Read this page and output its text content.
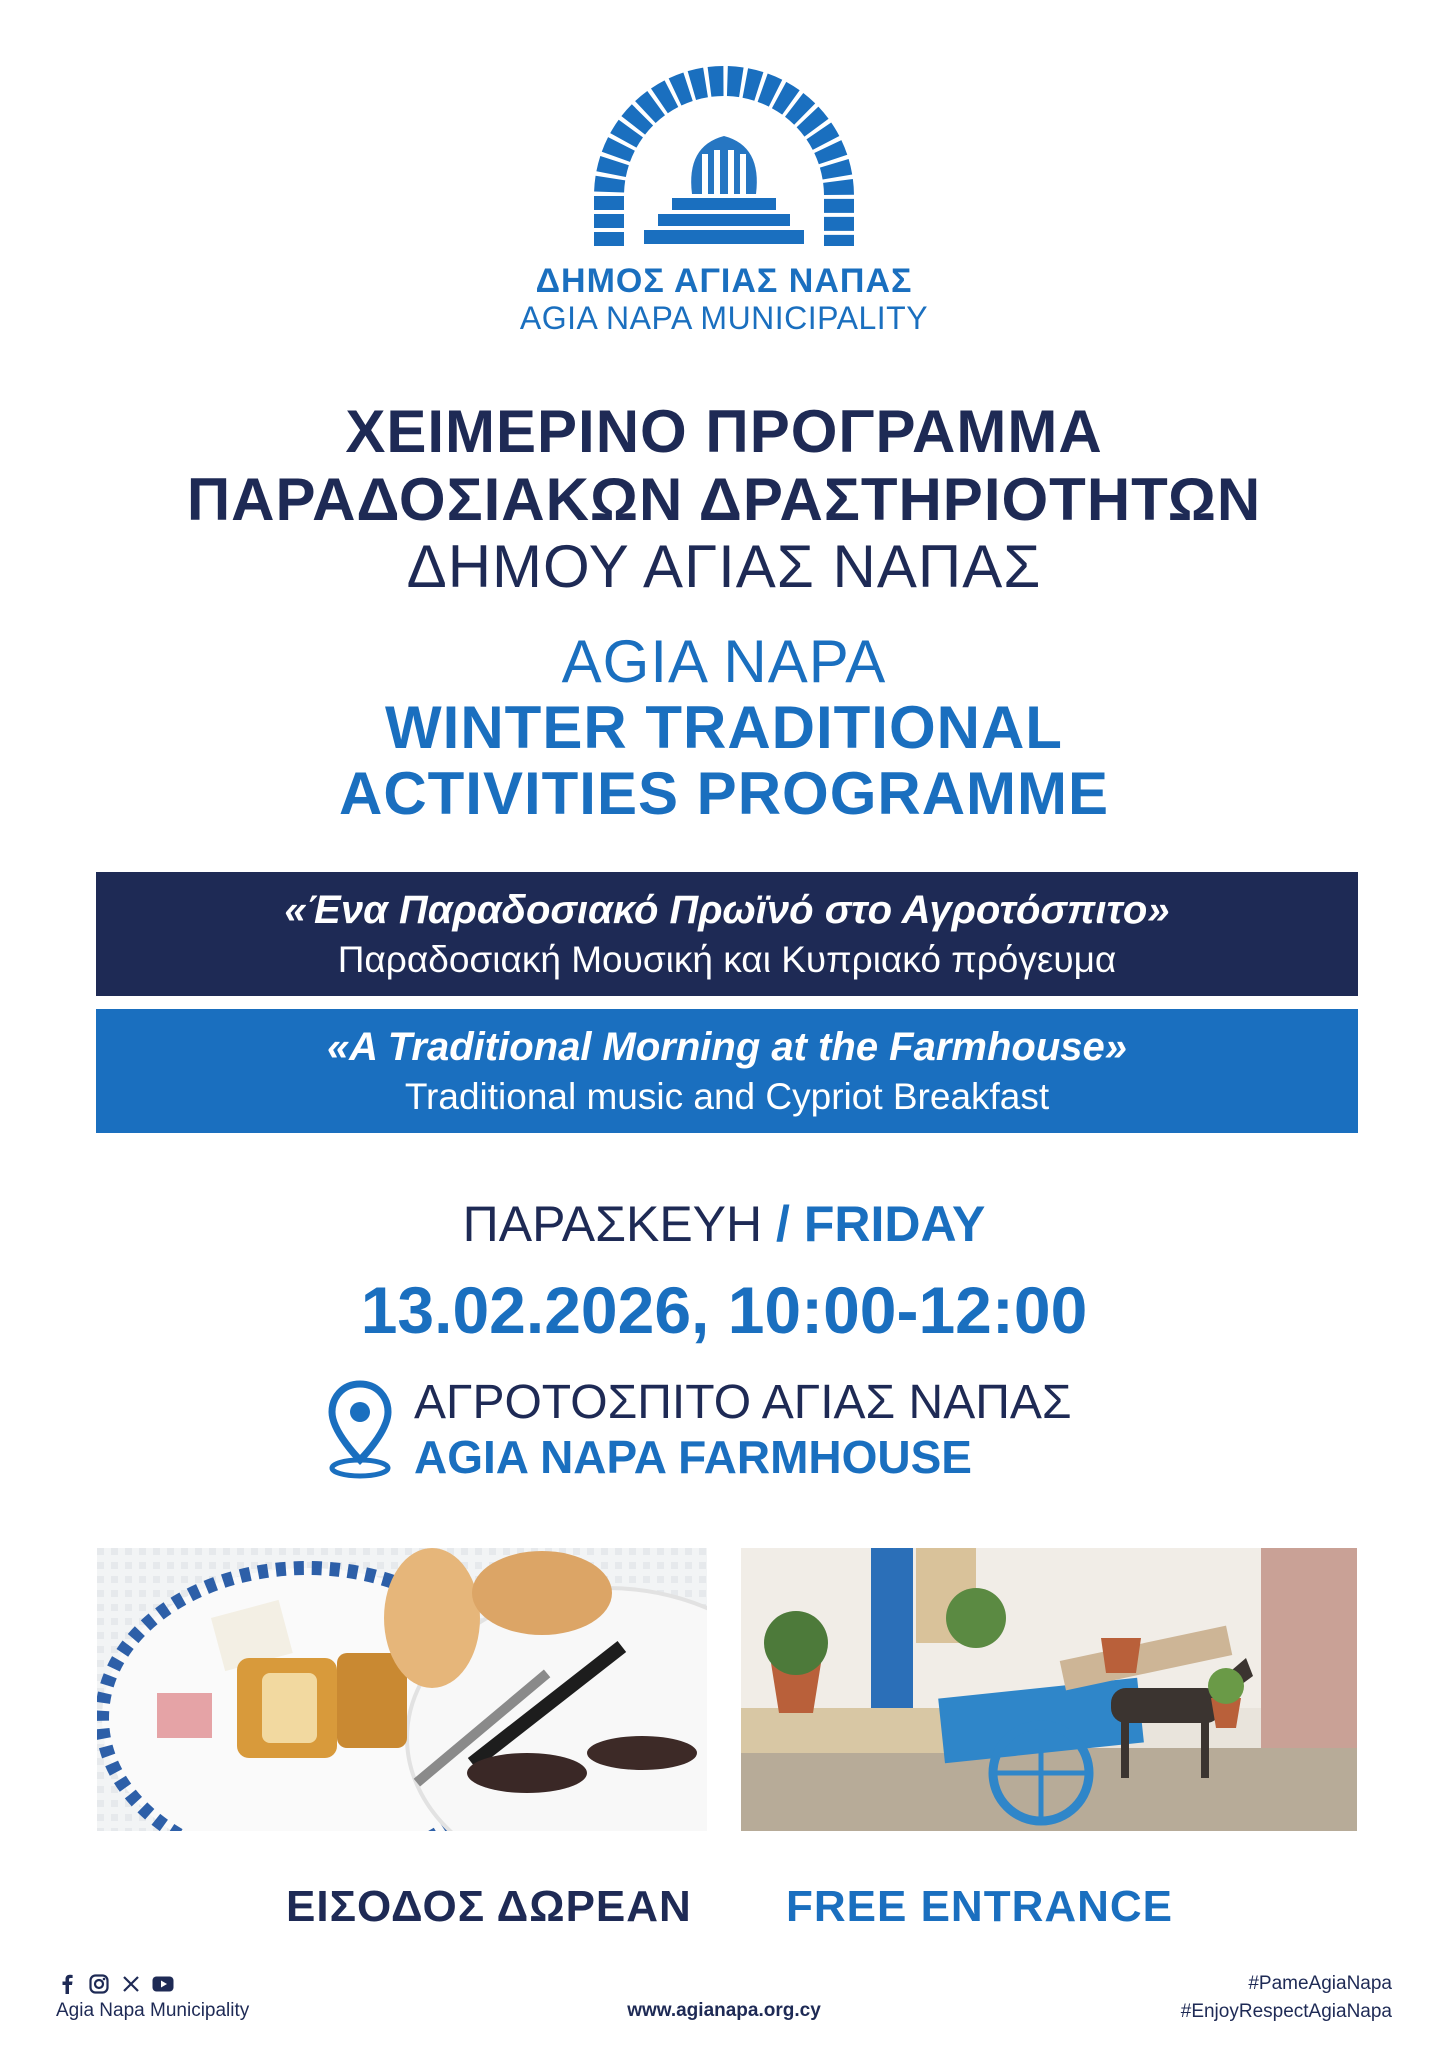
ΔΗΜΟΣ ΑΓΙΑΣ ΝΑΠΑΣ
AGIA NAPA MUNICIPALITY
ΧΕΙΜΕΡΙΝΟ ΠΡΟΓΡΑΜΜΑ
ΠΑΡΑΔΟΣΙΑΚΩΝ ΔΡΑΣΤΗΡΙΟΤΗΤΩΝ
ΔΗΜΟΥ ΑΓΙΑΣ ΝΑΠΑΣ
AGIA NAPA
WINTER TRADITIONAL
ACTIVITIES PROGRAMME
«Ένα Παραδοσιακό Πρωϊνό στο Αγροτόσπιτο»
Παραδοσιακή Μουσική και Κυπριακό πρόγευμα
«A Traditional Morning at the Farmhouse»
Traditional music and Cypriot Breakfast
ΠΑΡΑΣΚΕΥΗ / FRIDAY
13.02.2026, 10:00-12:00
ΑΓΡΟΤΟΣΠΙΤΟ ΑΓΙΑΣ ΝΑΠΑΣ
AGIA NAPA FARMHOUSE
ΕΙΣΟΔΟΣ ΔΩΡΕΑΝ FREE ENTRANCE
Agia Napa Municipality	www.agianapa.org.cy
#PameAgiaNapa
#EnjoyRespectAgiaNapa
